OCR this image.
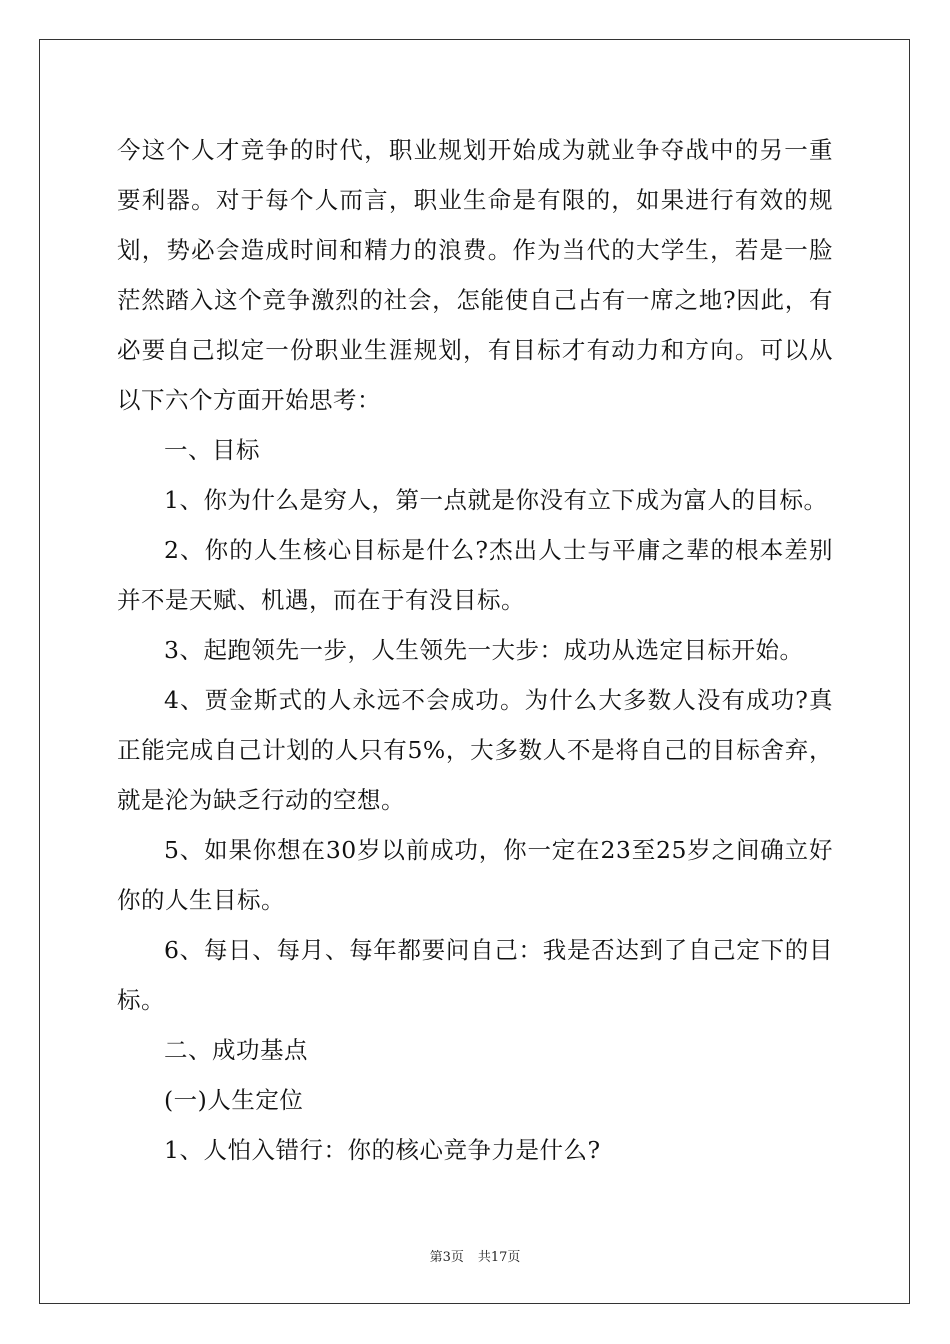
今这个人才竞争的时代，职业规划开始成为就业争夺战中的另一重要利器。对于每个人而言，职业生命是有限的，如果进行有效的规划，势必会造成时间和精力的浪费。作为当代的大学生，若是一脸茫然踏入这个竞争激烈的社会，怎能使自己占有一席之地?因此，有必要自己拟定一份职业生涯规划，有目标才有动力和方向。可以从以下六个方面开始思考：

一、目标

1、你为什么是穷人，第一点就是你没有立下成为富人的目标。

2、你的人生核心目标是什么?杰出人士与平庸之辈的根本差别并不是天赋、机遇，而在于有没目标。

3、起跑领先一步，人生领先一大步：成功从选定目标开始。

4、贾金斯式的人永远不会成功。为什么大多数人没有成功?真正能完成自己计划的人只有5%，大多数人不是将自己的目标舍弃，就是沦为缺乏行动的空想。

5、如果你想在30岁以前成功，你一定在23至25岁之间确立好你的人生目标。

6、每日、每月、每年都要问自己：我是否达到了自己定下的目标。

二、成功基点

(一)人生定位

1、人怕入错行：你的核心竞争力是什么?

第3页 共17页
